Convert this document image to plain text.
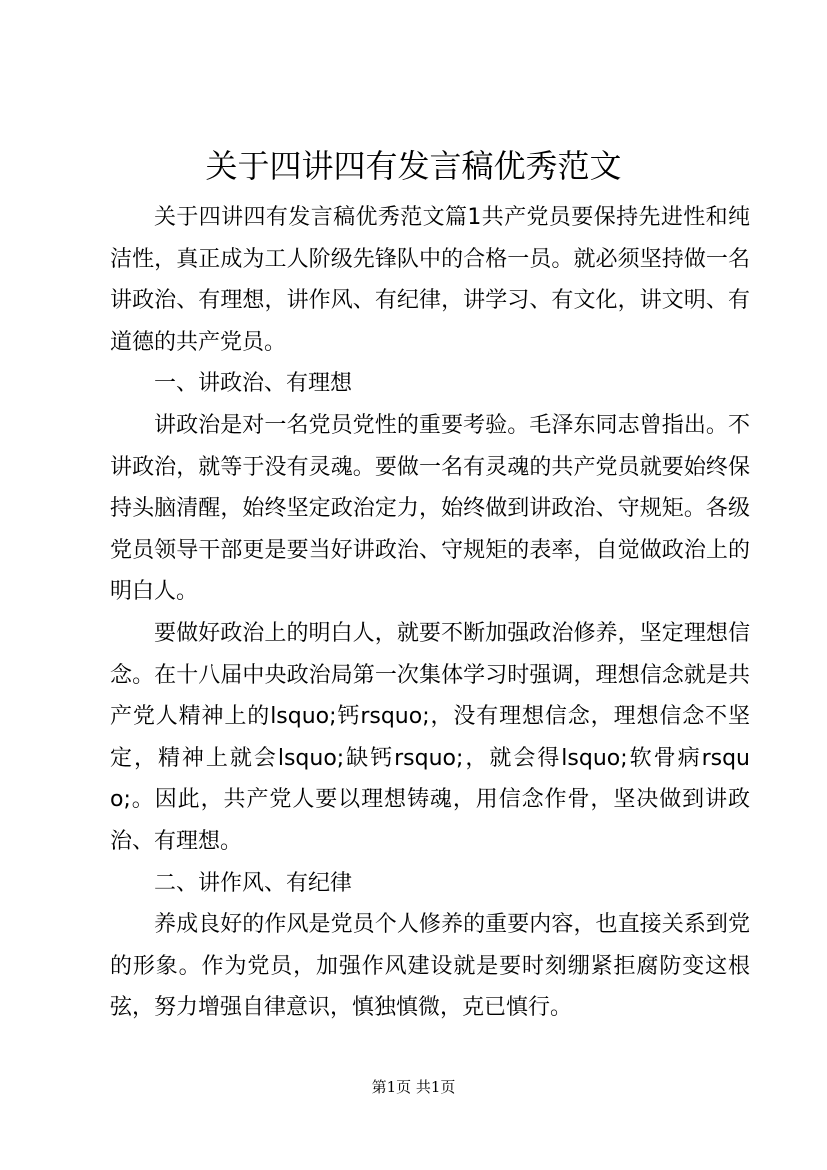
关于四讲四有发言稿优秀范文

关于四讲四有发言稿优秀范文篇1共产党员要保持先进性和纯洁性，真正成为工人阶级先锋队中的合格一员。就必须坚持做一名讲政治、有理想，讲作风、有纪律，讲学习、有文化，讲文明、有道德的共产党员。

一、讲政治、有理想

讲政治是对一名党员党性的重要考验。毛泽东同志曾指出。不讲政治，就等于没有灵魂。要做一名有灵魂的共产党员就要始终保持头脑清醒，始终坚定政治定力，始终做到讲政治、守规矩。各级党员领导干部更是要当好讲政治、守规矩的表率，自觉做政治上的明白人。

要做好政治上的明白人，就要不断加强政治修养，坚定理想信念。在十八届中央政治局第一次集体学习时强调，理想信念就是共产党人精神上的lsquo;钙rsquo;，没有理想信念，理想信念不坚定，精神上就会lsquo;缺钙rsquo;，就会得lsquo;软骨病rsquo;。因此，共产党人要以理想铸魂，用信念作骨，坚决做到讲政治、有理想。

二、讲作风、有纪律

养成良好的作风是党员个人修养的重要内容，也直接关系到党的形象。作为党员，加强作风建设就是要时刻绷紧拒腐防变这根弦，努力增强自律意识，慎独慎微，克已慎行。

第1页 共1页
